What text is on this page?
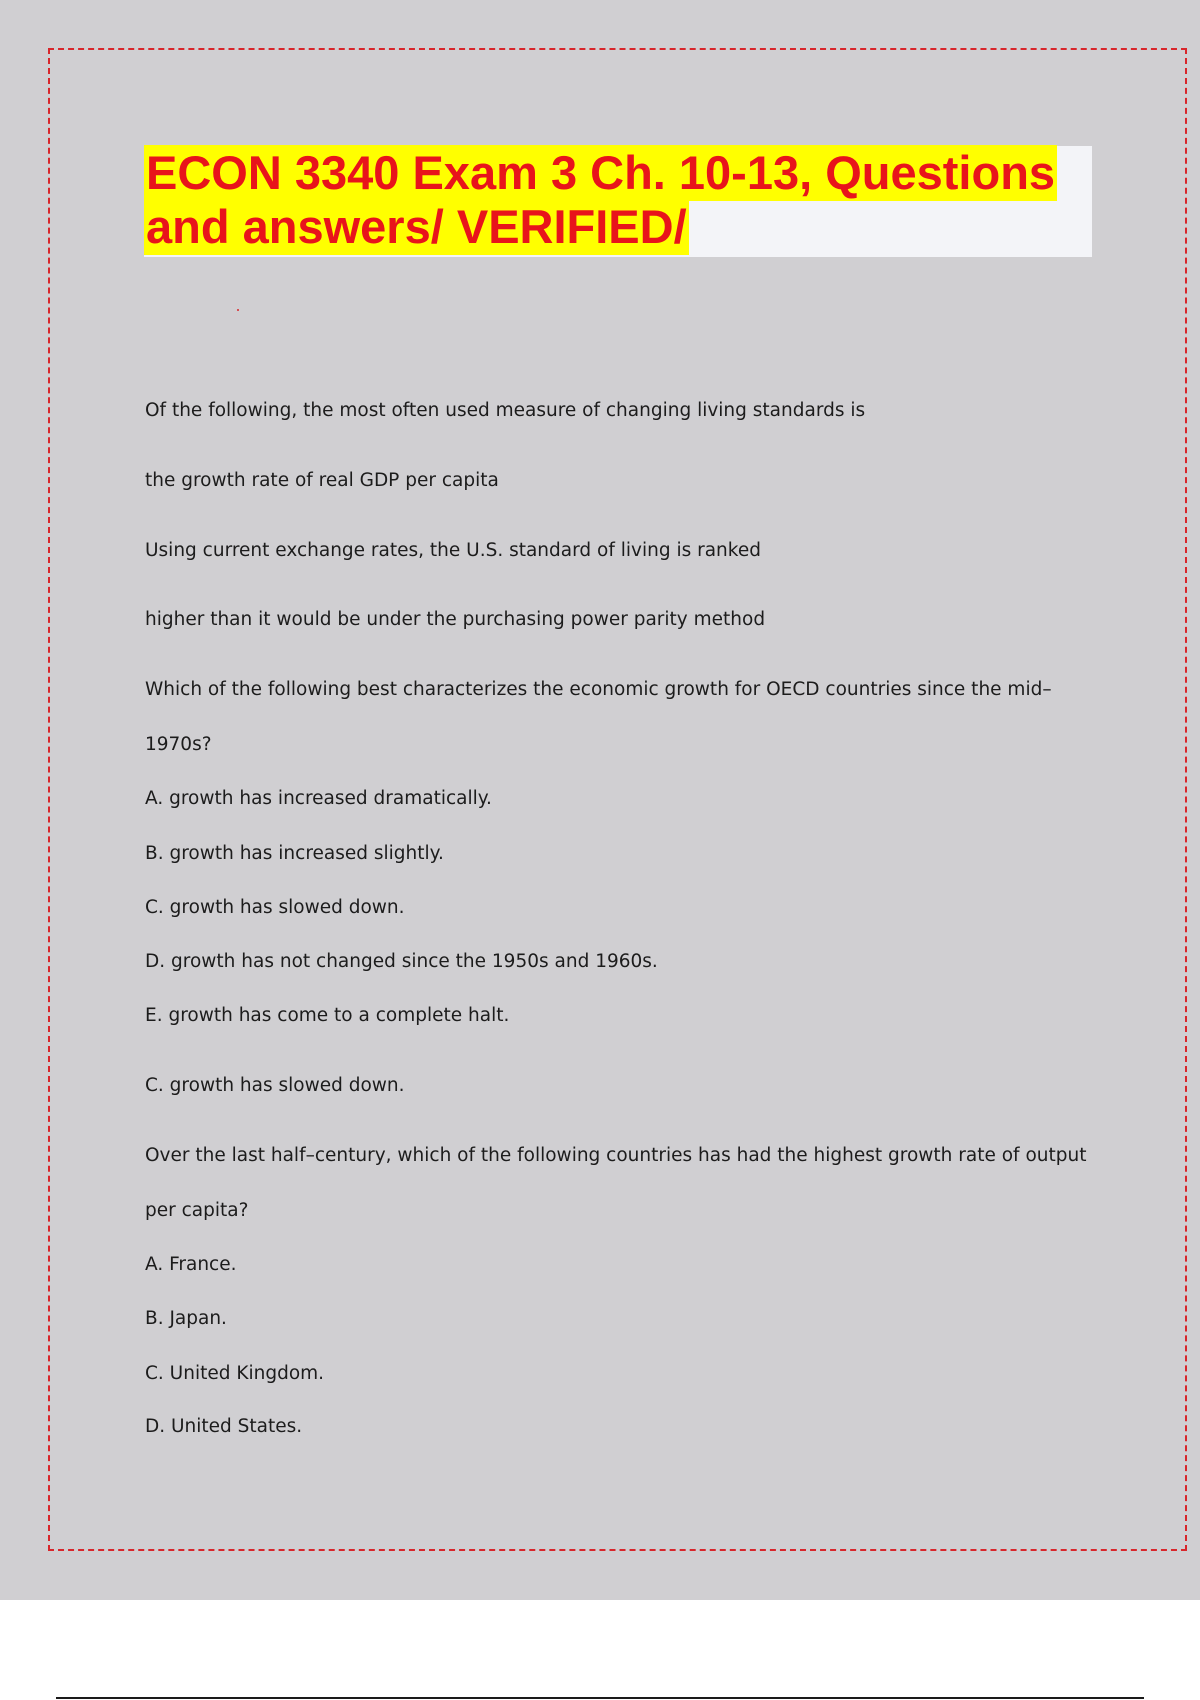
ECON 3340 Exam 3 Ch. 10-13, Questions
and answers/ VERIFIED/

Of the following, the most often used measure of changing living standards is

the growth rate of real GDP per capita

Using current exchange rates, the U.S. standard of living is ranked

higher than it would be under the purchasing power parity method

Which of the following best characterizes the economic growth for OECD countries since the mid–

1970s?

A. growth has increased dramatically.

B. growth has increased slightly.

C. growth has slowed down.

D. growth has not changed since the 1950s and 1960s.

E. growth has come to a complete halt.

C. growth has slowed down.

Over the last half–century, which of the following countries has had the highest growth rate of output

per capita?

A. France.

B. Japan.

C. United Kingdom.

D. United States.
